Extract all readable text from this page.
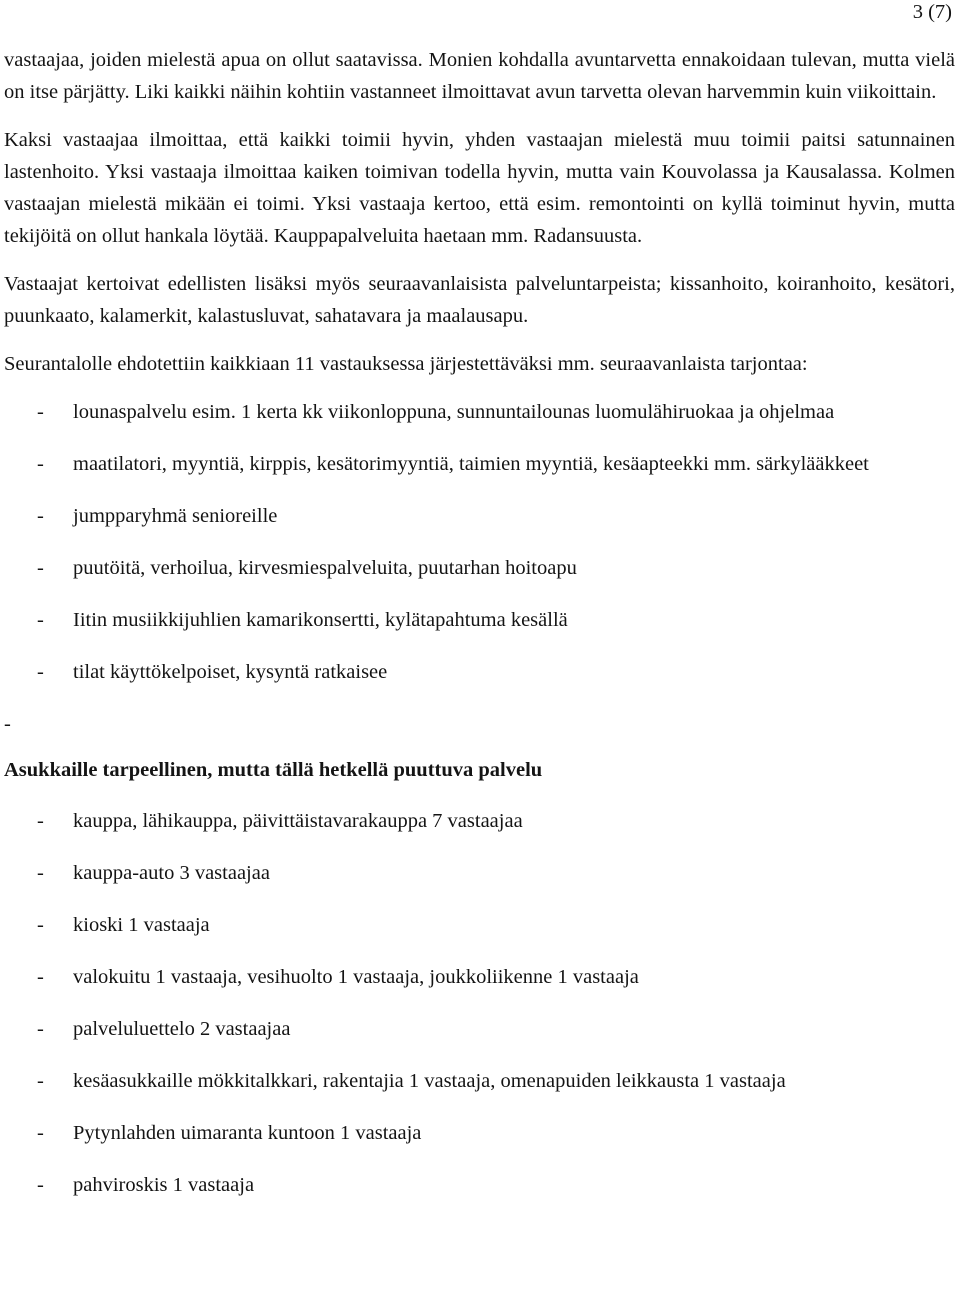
3 (7)

vastaajaa, joiden mielestä apua on ollut saatavissa. Monien kohdalla avuntarvetta ennakoidaan tulevan, mutta vielä on itse pärjätty. Liki kaikki näihin kohtiin vastanneet ilmoittavat avun tarvetta olevan harvemmin kuin viikoittain.

Kaksi vastaajaa ilmoittaa, että kaikki toimii hyvin, yhden vastaajan mielestä muu toimii paitsi satunnainen lastenhoito. Yksi vastaaja ilmoittaa kaiken toimivan todella hyvin, mutta vain Kouvolassa ja Kausalassa. Kolmen vastaajan mielestä mikään ei toimi. Yksi vastaaja kertoo, että esim. remontointi on kyllä toiminut hyvin, mutta tekijöitä on ollut hankala löytää. Kauppapalveluita haetaan mm. Radansuusta.

Vastaajat kertoivat edellisten lisäksi myös seuraavanlaisista palveluntarpeista; kissanhoito, koiranhoito, kesätori, puunkaato, kalamerkit, kalastusluvat, sahatavara ja maalausapu.

Seurantalolle ehdotettiin kaikkiaan 11 vastauksessa järjestettäväksi mm. seuraavanlaista tarjontaa:

- lounaspalvelu esim. 1 kerta kk viikonloppuna, sunnuntailounas luomulähiruokaa ja ohjelmaa
- maatilatori, myyntiä, kirppis, kesätorimyyntiä, taimien myyntiä, kesäapteekki mm. särkylääkkeet
- jumpparyhmä senioreille
- puutöitä, verhoilua, kirvesmiespalveluita, puutarhan hoitoapu
- Iitin musiikkijuhlien kamarikonsertti, kylätapahtuma kesällä
- tilat käyttökelpoiset, kysyntä ratkaisee
-
Asukkaille tarpeellinen, mutta tällä hetkellä puuttuva palvelu
- kauppa, lähikauppa, päivittäistavarakauppa 7 vastaajaa
- kauppa-auto 3 vastaajaa
- kioski 1 vastaaja
- valokuitu 1 vastaaja, vesihuolto 1 vastaaja, joukkoliikenne 1 vastaaja
- palveluluettelo 2 vastaajaa
- kesäasukkaille mökkitalkkari, rakentajia 1 vastaaja, omenapuiden leikkausta 1 vastaaja
- Pytynlahden uimaranta kuntoon 1 vastaaja
- pahviroskis 1 vastaaja
